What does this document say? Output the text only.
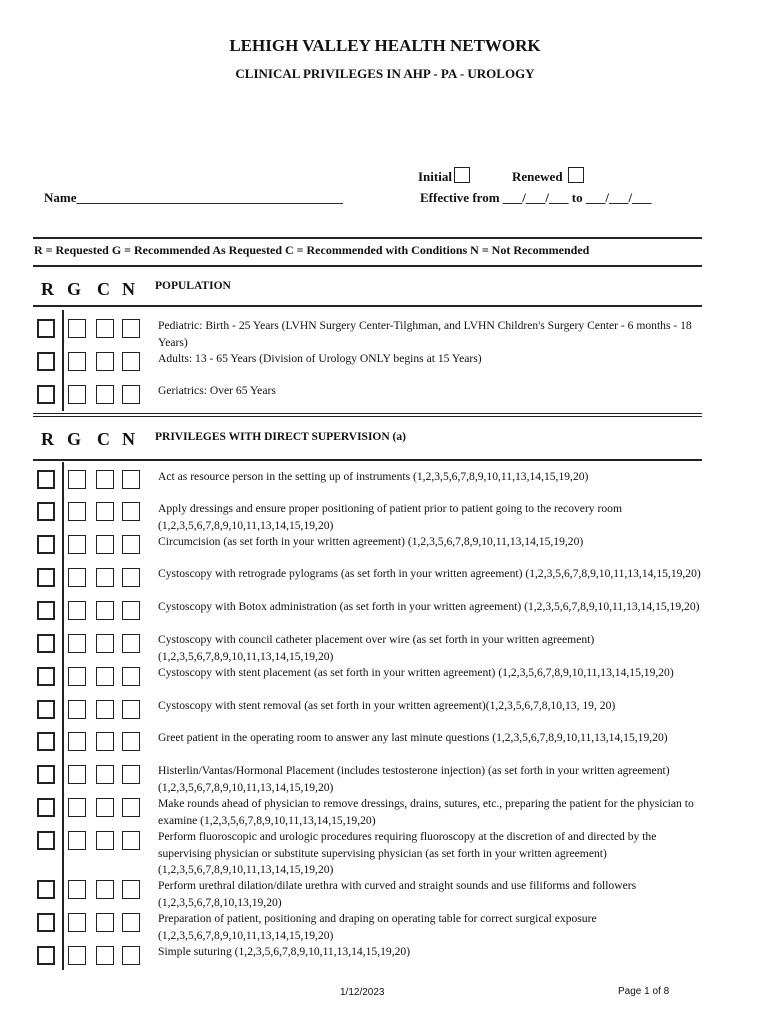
LEHIGH VALLEY HEALTH NETWORK
CLINICAL PRIVILEGES IN AHP - PA - UROLOGY
Initial	Renewed
Name_________________________________________	Effective from ___/___/___ to ___/___/___
R = Requested G = Recommended As Requested C = Recommended with Conditions N = Not Recommended
R G C N POPULATION
R G C N PRIVILEGES WITH DIRECT SUPERVISION (a)
Pediatric: Birth - 25 Years (LVHN Surgery Center-Tilghman, and LVHN Children's Surgery Center - 6 months - 18 Years)
Adults: 13 - 65 Years (Division of Urology ONLY begins at 15 Years)
Geriatrics: Over 65 Years
Act as resource person in the setting up of instruments (1,2,3,5,6,7,8,9,10,11,13,14,15,19,20)
Apply dressings and ensure proper positioning of patient prior to patient going to the recovery room (1,2,3,5,6,7,8,9,10,11,13,14,15,19,20)
Circumcision (as set forth in your written agreement) (1,2,3,5,6,7,8,9,10,11,13,14,15,19,20)
Cystoscopy with retrograde pylograms (as set forth in your written agreement) (1,2,3,5,6,7,8,9,10,11,13,14,15,19,20)
Cystoscopy with Botox administration (as set forth in your written agreement) (1,2,3,5,6,7,8,9,10,11,13,14,15,19,20)
Cystoscopy with council catheter placement over wire (as set forth in your written agreement) (1,2,3,5,6,7,8,9,10,11,13,14,15,19,20)
Cystoscopy with stent placement (as set forth in your written agreement) (1,2,3,5,6,7,8,9,10,11,13,14,15,19,20)
Cystoscopy with stent removal (as set forth in your written agreement)(1,2,3,5,6,7,8,10,13, 19, 20)
Greet patient in the operating room to answer any last minute questions (1,2,3,5,6,7,8,9,10,11,13,14,15,19,20)
Histerlin/Vantas/Hormonal Placement (includes testosterone injection) (as set forth in your written agreement) (1,2,3,5,6,7,8,9,10,11,13,14,15,19,20)
Make rounds ahead of physician to remove dressings, drains, sutures, etc., preparing the patient for the physician to examine (1,2,3,5,6,7,8,9,10,11,13,14,15,19,20)
Perform fluoroscopic and urologic procedures requiring fluoroscopy at the discretion of and directed by the supervising physician or substitute supervising physician (as set forth in your written agreement) (1,2,3,5,6,7,8,9,10,11,13,14,15,19,20)
Perform urethral dilation/dilate urethra with curved and straight sounds and use filiforms and followers (1,2,3,5,6,7,8,10,13,19,20)
Preparation of patient, positioning and draping on operating table for correct surgical exposure (1,2,3,5,6,7,8,9,10,11,13,14,15,19,20)
Simple suturing (1,2,3,5,6,7,8,9,10,11,13,14,15,19,20)
1/12/2023	Page 1 of 8
